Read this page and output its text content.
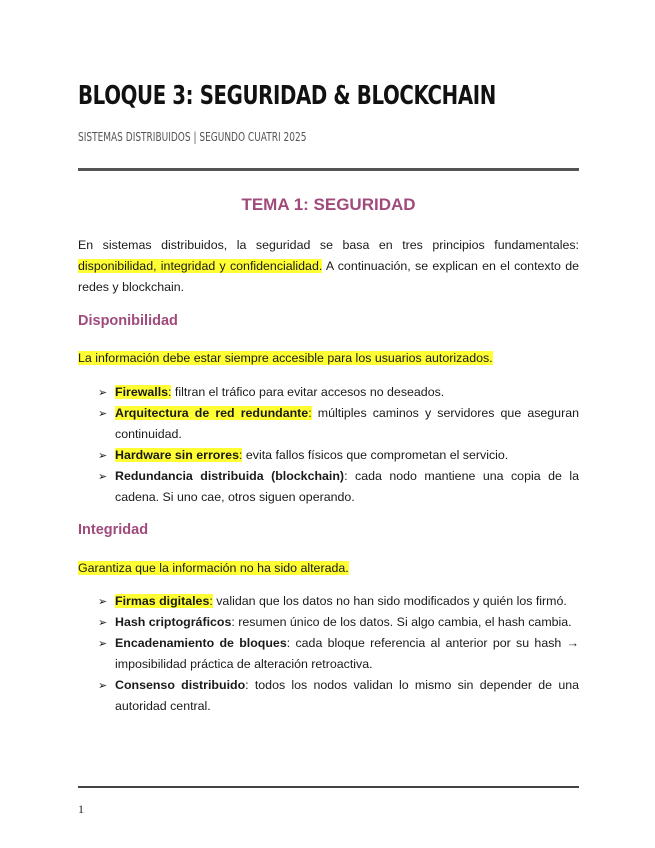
BLOQUE 3: SEGURIDAD & BLOCKCHAIN
SISTEMAS DISTRIBUIDOS | SEGUNDO CUATRI 2025
TEMA 1: SEGURIDAD

En sistemas distribuidos, la seguridad se basa en tres principios fundamentales: disponibilidad, integridad y confidencialidad. A continuación, se explican en el contexto de redes y blockchain.

Disponibilidad

La información debe estar siempre accesible para los usuarios autorizados.

➢ Firewalls: filtran el tráfico para evitar accesos no deseados.
➢ Arquitectura de red redundante: múltiples caminos y servidores que aseguran continuidad.
➢ Hardware sin errores: evita fallos físicos que comprometan el servicio.
➢ Redundancia distribuida (blockchain): cada nodo mantiene una copia de la cadena. Si uno cae, otros siguen operando.
Integridad

Garantiza que la información no ha sido alterada.

➢ Firmas digitales: validan que los datos no han sido modificados y quién los firmó.
➢ Hash criptográficos: resumen único de los datos. Si algo cambia, el hash cambia.
➢ Encadenamiento de bloques: cada bloque referencia al anterior por su hash → imposibilidad práctica de alteración retroactiva.
➢ Consenso distribuido: todos los nodos validan lo mismo sin depender de una autoridad central.
1
